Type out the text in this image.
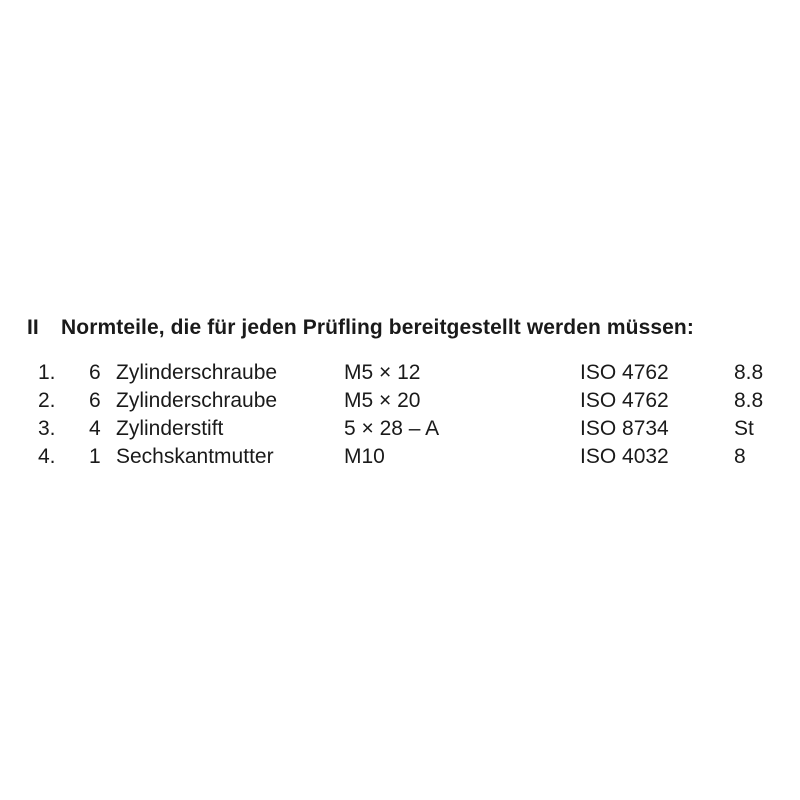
II Normteile, die für jeden Prüfling bereitgestellt werden müssen:
1. 6 Zylinderschraube	M5 × 12	ISO 4762	8.8
2. 6 Zylinderschraube	M5 × 20	ISO 4762	8.8
3. 4 Zylinderstift	5 × 28 – A	ISO 8734	St
4. 1 Sechskantmutter	M10	ISO 4032	8
